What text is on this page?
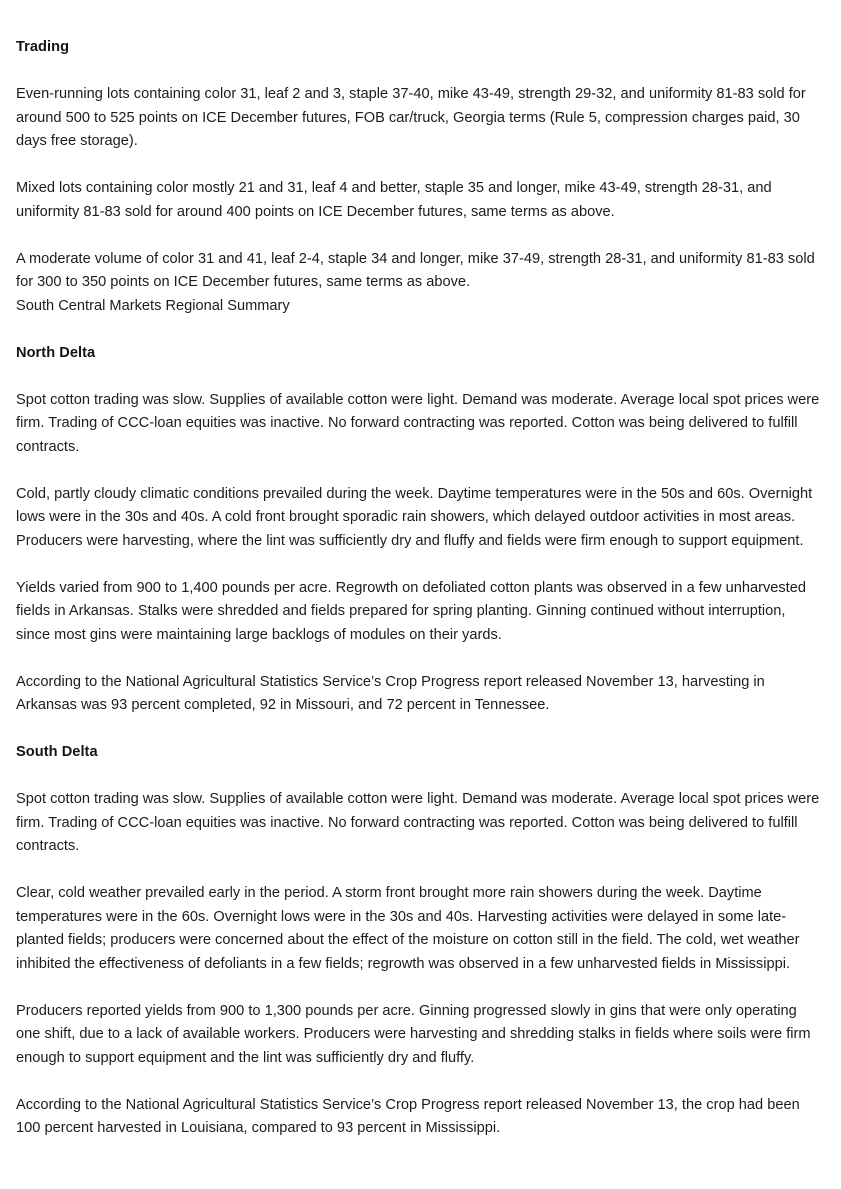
Trading

Even-running lots containing color 31, leaf 2 and 3, staple 37-40, mike 43-49, strength 29-32, and uniformity 81-83 sold for around 500 to 525 points on ICE December futures, FOB car/truck, Georgia terms (Rule 5, compression charges paid, 30 days free storage).

Mixed lots containing color mostly 21 and 31, leaf 4 and better, staple 35 and longer, mike 43-49, strength 28-31, and uniformity 81-83 sold for around 400 points on ICE December futures, same terms as above.

A moderate volume of color 31 and 41, leaf 2-4, staple 34 and longer, mike 37-49, strength 28-31, and uniformity 81-83 sold for 300 to 350 points on ICE December futures, same terms as above.

South Central Markets Regional Summary

North Delta

Spot cotton trading was slow. Supplies of available cotton were light. Demand was moderate. Average local spot prices were firm. Trading of CCC-loan equities was inactive. No forward contracting was reported. Cotton was being delivered to fulfill contracts.

Cold, partly cloudy climatic conditions prevailed during the week. Daytime temperatures were in the 50s and 60s. Overnight lows were in the 30s and 40s. A cold front brought sporadic rain showers, which delayed outdoor activities in most areas. Producers were harvesting, where the lint was sufficiently dry and fluffy and fields were firm enough to support equipment.

Yields varied from 900 to 1,400 pounds per acre. Regrowth on defoliated cotton plants was observed in a few unharvested fields in Arkansas. Stalks were shredded and fields prepared for spring planting. Ginning continued without interruption, since most gins were maintaining large backlogs of modules on their yards.

According to the National Agricultural Statistics Service’s Crop Progress report released November 13, harvesting in Arkansas was 93 percent completed, 92 in Missouri, and 72 percent in Tennessee.

South Delta

Spot cotton trading was slow. Supplies of available cotton were light. Demand was moderate. Average local spot prices were firm. Trading of CCC-loan equities was inactive. No forward contracting was reported. Cotton was being delivered to fulfill contracts.

Clear, cold weather prevailed early in the period. A storm front brought more rain showers during the week. Daytime temperatures were in the 60s. Overnight lows were in the 30s and 40s. Harvesting activities were delayed in some late-planted fields; producers were concerned about the effect of the moisture on cotton still in the field. The cold, wet weather inhibited the effectiveness of defoliants in a few fields; regrowth was observed in a few unharvested fields in Mississippi.

Producers reported yields from 900 to 1,300 pounds per acre. Ginning progressed slowly in gins that were only operating one shift, due to a lack of available workers. Producers were harvesting and shredding stalks in fields where soils were firm enough to support equipment and the lint was sufficiently dry and fluffy.

According to the National Agricultural Statistics Service’s Crop Progress report released November 13, the crop had been 100 percent harvested in Louisiana, compared to 93 percent in Mississippi.
